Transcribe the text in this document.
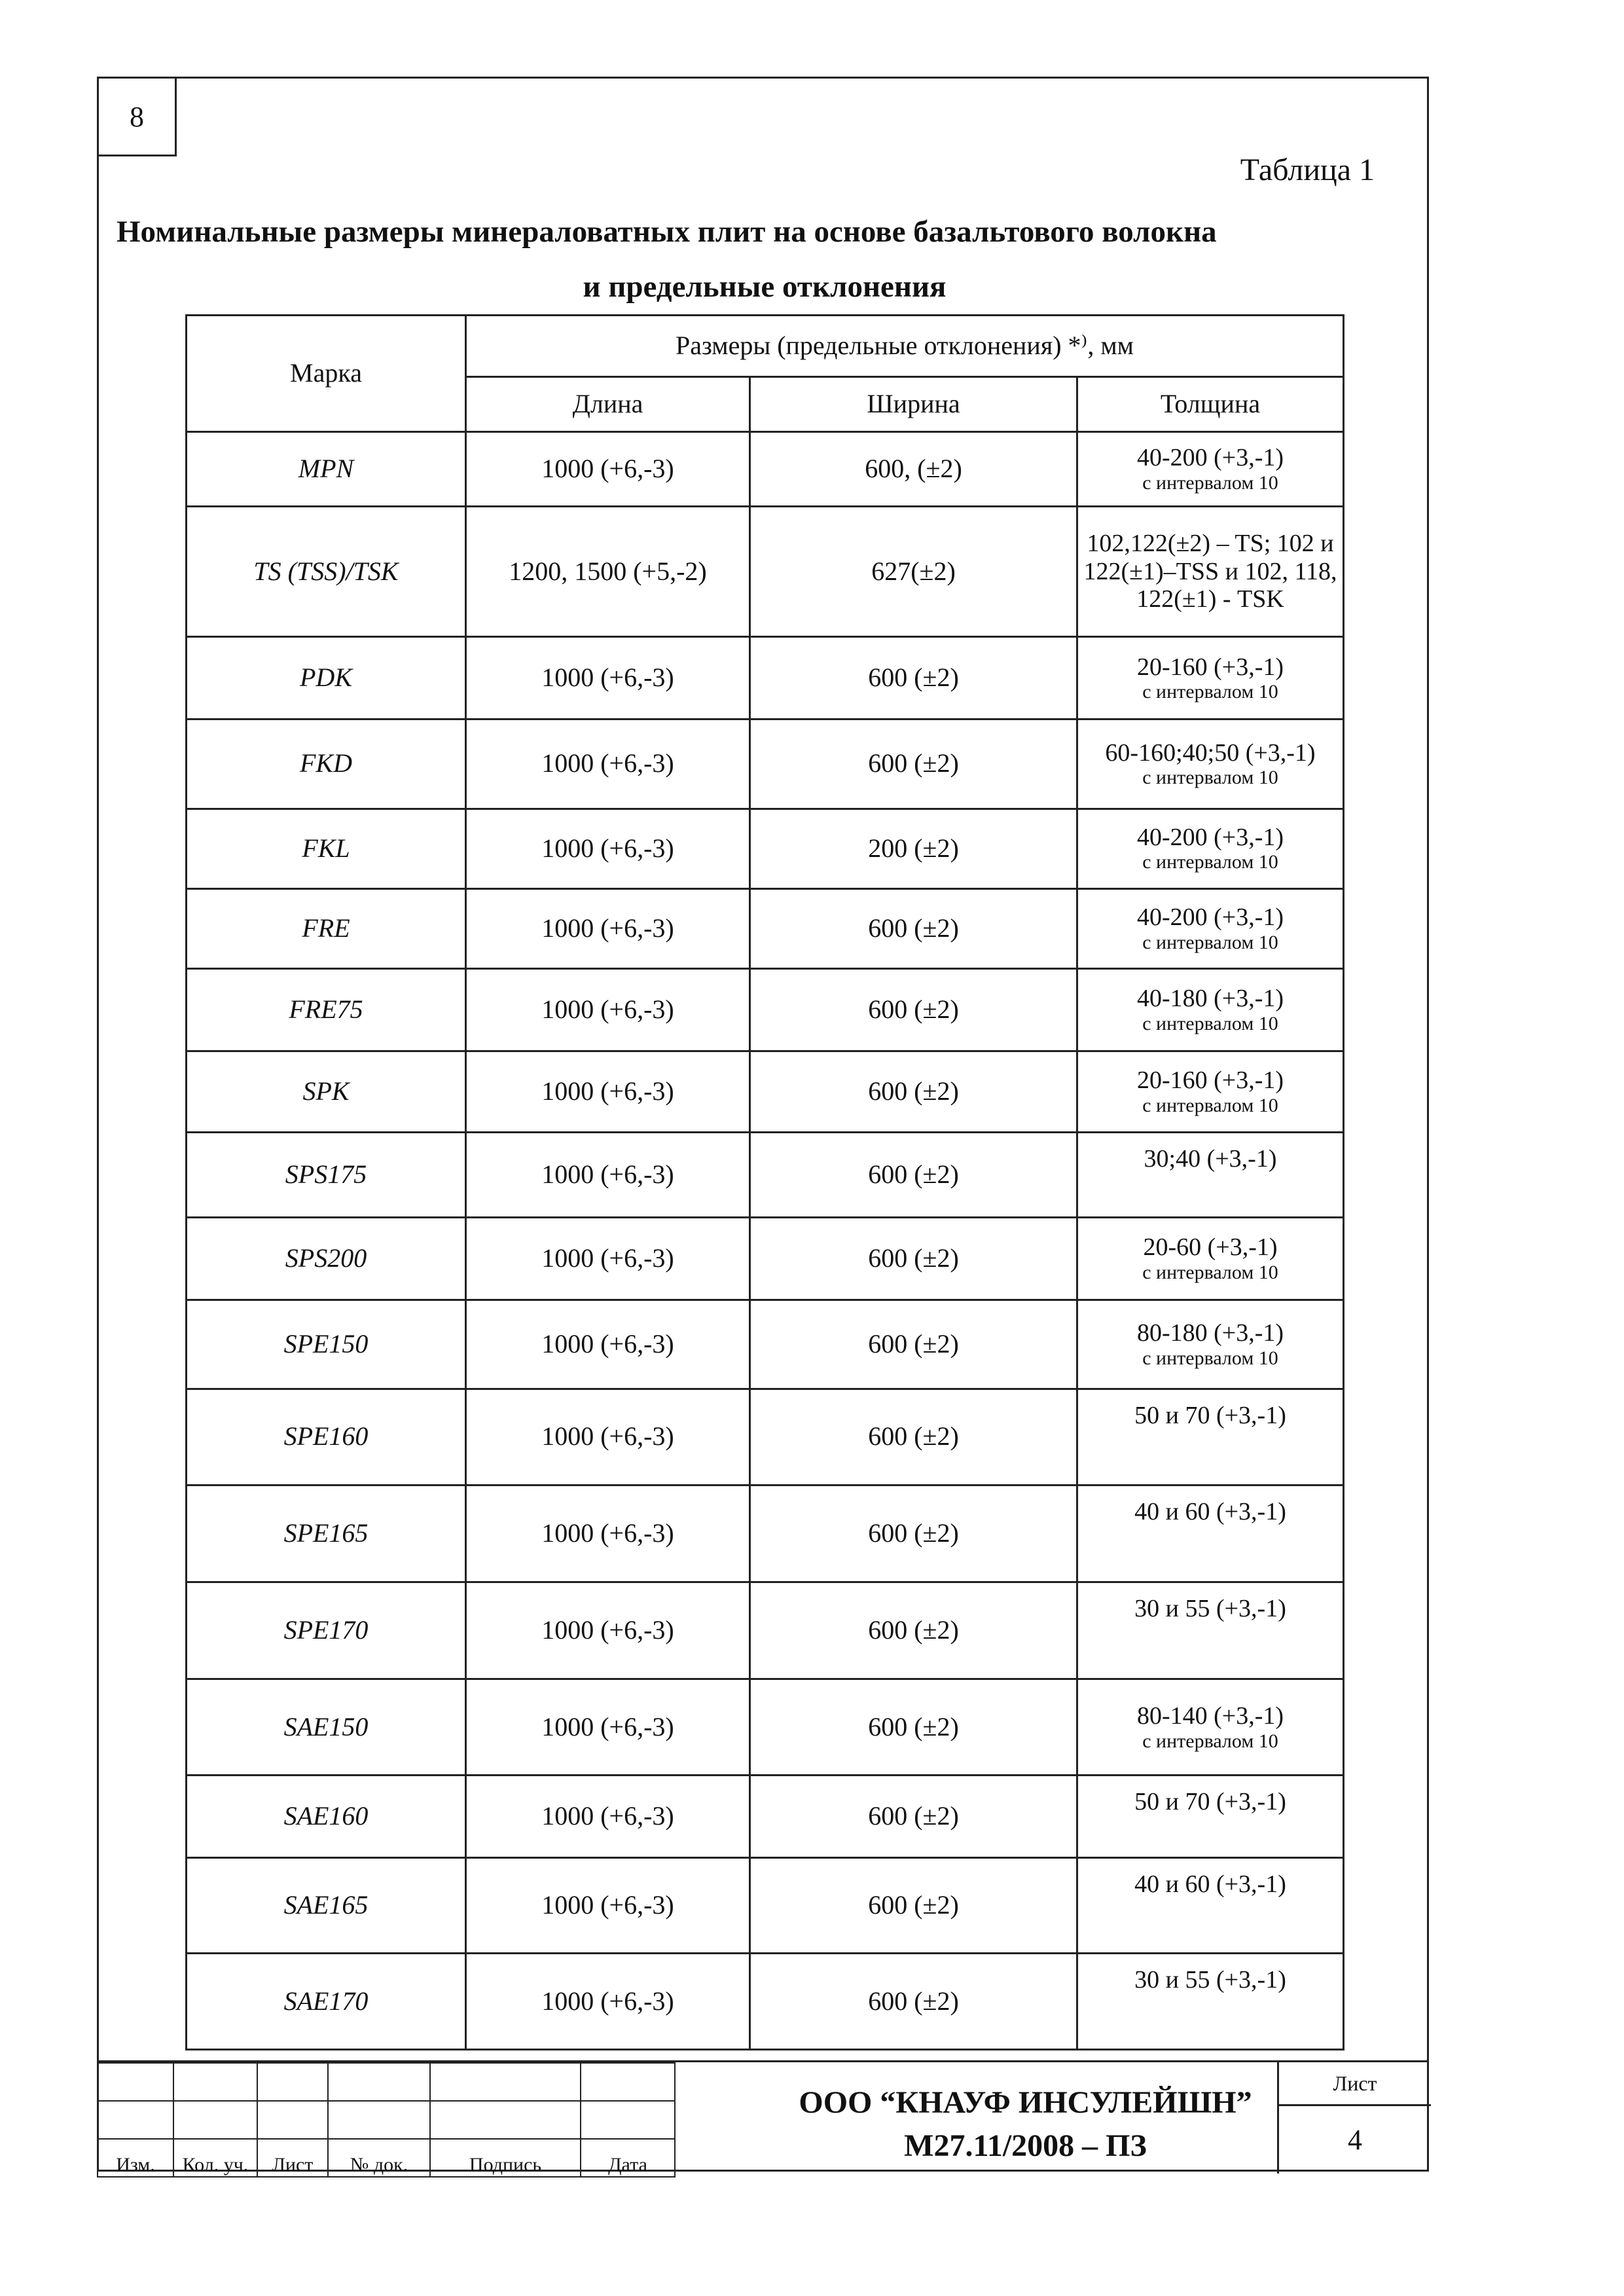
8
Таблица 1
Номинальные размеры минераловатных плит на основе базальтового волокна
и предельные отклонения
Марка	Размеры (предельные отклонения) *⁾, мм		
	Длина	Ширина	Толщина
MPN	1000 (+6,-3)	600, (±2)	40-200 (+3,-1)
с интервалом 10

TS (TSS)/TSK	1200, 1500 (+5,-2)	627(±2)	102,122(±2) – TS; 102 и 122(±1)–TSS и 102, 118, 122(±1) - TSK
PDK	1000 (+6,-3)	600 (±2)	20-160 (+3,-1)
с интервалом 10

FKD	1000 (+6,-3)	600 (±2)	60-160;40;50 (+3,-1)
с интервалом 10

FKL	1000 (+6,-3)	200 (±2)	40-200 (+3,-1)
с интервалом 10

FRE	1000 (+6,-3)	600 (±2)	40-200 (+3,-1)
с интервалом 10

FRE75	1000 (+6,-3)	600 (±2)	40-180 (+3,-1)
с интервалом 10

SPK	1000 (+6,-3)	600 (±2)	20-160 (+3,-1)
с интервалом 10

SPS175	1000 (+6,-3)	600 (±2)	30;40 (+3,-1)
SPS200	1000 (+6,-3)	600 (±2)	20-60 (+3,-1)
с интервалом 10

SPE150	1000 (+6,-3)	600 (±2)	80-180 (+3,-1)
с интервалом 10

SPE160	1000 (+6,-3)	600 (±2)	50 и 70 (+3,-1)
SPE165	1000 (+6,-3)	600 (±2)	40 и 60 (+3,-1)
SPE170	1000 (+6,-3)	600 (±2)	30 и 55 (+3,-1)
SAE150	1000 (+6,-3)	600 (±2)	80-140 (+3,-1)
с интервалом 10

SAE160	1000 (+6,-3)	600 (±2)	50 и 70 (+3,-1)
SAE165	1000 (+6,-3)	600 (±2)	40 и 60 (+3,-1)
SAE170	1000 (+6,-3)	600 (±2)	30 и 55 (+3,-1)

Изм.	Кол. уч.	Лист	№ док.	Подпись	Дата
ООО “КНАУФ ИНСУЛЕЙШН”
М27.11/2008 – ПЗ
Лист
4
